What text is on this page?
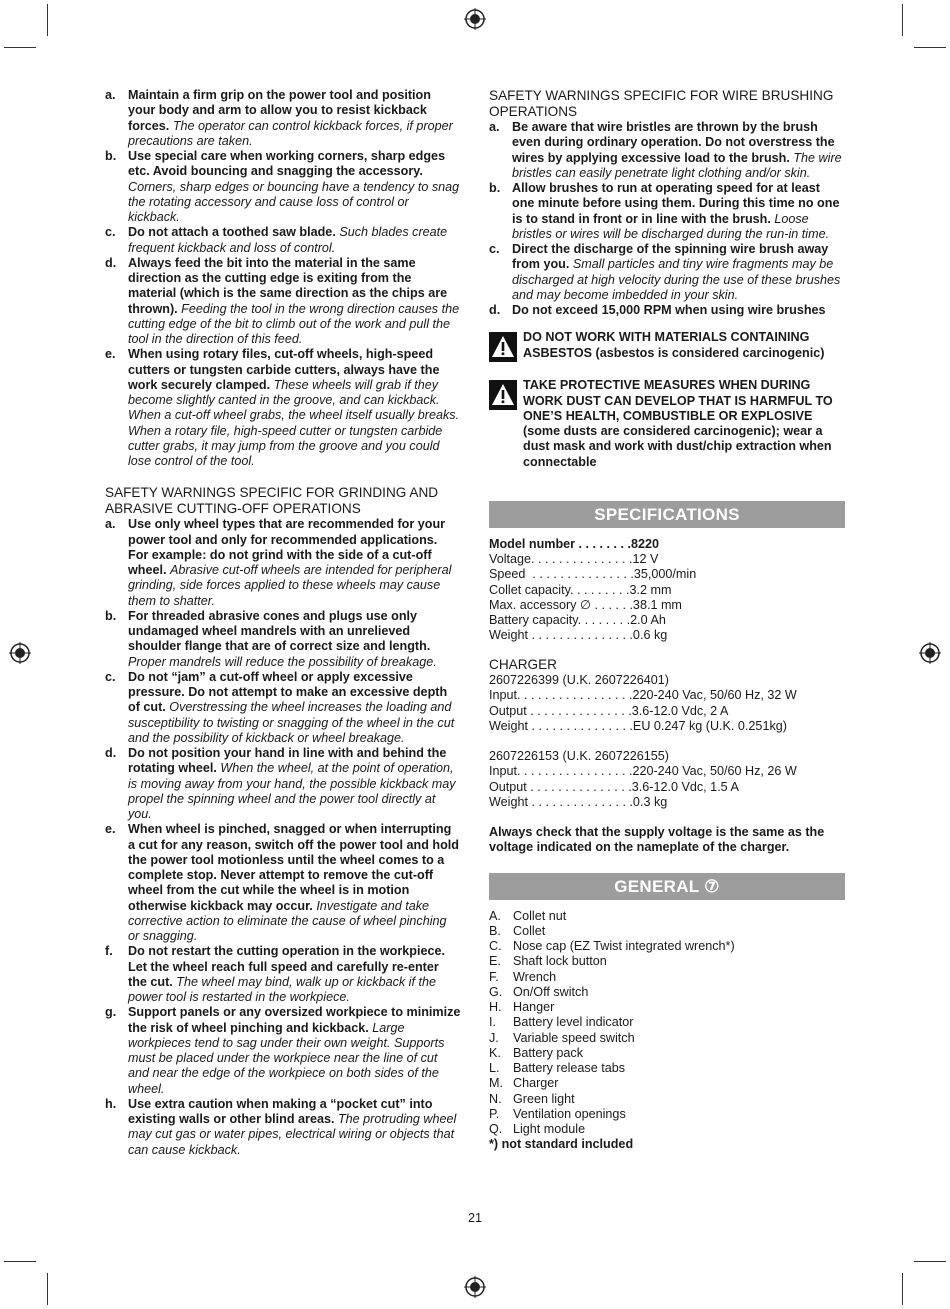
a. Maintain a firm grip on the power tool and position your body and arm to allow you to resist kickback forces. The operator can control kickback forces, if proper precautions are taken.
b. Use special care when working corners, sharp edges etc. Avoid bouncing and snagging the accessory. Corners, sharp edges or bouncing have a tendency to snag the rotating accessory and cause loss of control or kickback.
c. Do not attach a toothed saw blade. Such blades create frequent kickback and loss of control.
d. Always feed the bit into the material in the same direction as the cutting edge is exiting from the material (which is the same direction as the chips are thrown). Feeding the tool in the wrong direction causes the cutting edge of the bit to climb out of the work and pull the tool in the direction of this feed.
e. When using rotary files, cut-off wheels, high-speed cutters or tungsten carbide cutters, always have the work securely clamped. These wheels will grab if they become slightly canted in the groove, and can kickback. When a cut-off wheel grabs, the wheel itself usually breaks. When a rotary file, high-speed cutter or tungsten carbide cutter grabs, it may jump from the groove and you could lose control of the tool.
SAFETY WARNINGS SPECIFIC FOR GRINDING AND ABRASIVE CUTTING-OFF OPERATIONS
a. Use only wheel types that are recommended for your power tool and only for recommended applications. For example: do not grind with the side of a cut-off wheel. Abrasive cut-off wheels are intended for peripheral grinding, side forces applied to these wheels may cause them to shatter.
b. For threaded abrasive cones and plugs use only undamaged wheel mandrels with an unrelieved shoulder flange that are of correct size and length. Proper mandrels will reduce the possibility of breakage.
c. Do not “jam” a cut-off wheel or apply excessive pressure. Do not attempt to make an excessive depth of cut. Overstressing the wheel increases the loading and susceptibility to twisting or snagging of the wheel in the cut and the possibility of kickback or wheel breakage.
d. Do not position your hand in line with and behind the rotating wheel. When the wheel, at the point of operation, is moving away from your hand, the possible kickback may propel the spinning wheel and the power tool directly at you.
e. When wheel is pinched, snagged or when interrupting a cut for any reason, switch off the power tool and hold the power tool motionless until the wheel comes to a complete stop. Never attempt to remove the cut-off wheel from the cut while the wheel is in motion otherwise kickback may occur. Investigate and take corrective action to eliminate the cause of wheel pinching or snagging.
f.	Do not restart the cutting operation in the workpiece. Let the wheel reach full speed and carefully re-enter the cut. The wheel may bind, walk up or kickback if the power tool is restarted in the workpiece.
g. Support panels or any oversized workpiece to minimize the risk of wheel pinching and kickback. Large workpieces tend to sag under their own weight. Supports must be placed under the workpiece near the line of cut and near the edge of the workpiece on both sides of the wheel.
h. Use extra caution when making a “pocket cut” into existing walls or other blind areas. The protruding wheel may cut gas or water pipes, electrical wiring or objects that can cause kickback.
SAFETY WARNINGS SPECIFIC FOR WIRE BRUSHING OPERATIONS
a. Be aware that wire bristles are thrown by the brush even during ordinary operation. Do not overstress the wires by applying excessive load to the brush. The wire bristles can easily penetrate light clothing and/or skin.
b. Allow brushes to run at operating speed for at least one minute before using them. During this time no one is to stand in front or in line with the brush. Loose bristles or wires will be discharged during the run-in time.
c. Direct the discharge of the spinning wire brush away from you. Small particles and tiny wire fragments may be discharged at high velocity during the use of these brushes and may become imbedded in your skin.
d. Do not exceed 15,000 RPM when using wire brushes
DO NOT WORK WITH MATERIALS CONTAINING ASBESTOS (asbestos is considered carcinogenic)
TAKE PROTECTIVE MEASURES WHEN DURING WORK DUST CAN DEVELOP THAT IS HARMFUL TO ONE’S HEALTH, COMBUSTIBLE OR EXPLOSIVE (some dusts are considered carcinogenic); wear a dust mask and work with dust/chip extraction when connectable
SPECIFICATIONS
Model number . . . . . . . .8220
Voltage. . . . . . . . . . . . . . .12 V
Speed  . . . . . . . . . . . . . . .35,000/min
Collet capacity. . . . . . . . .3.2 mm
Max. accessory ∅ . . . . . .38.1 mm
Battery capacity. . . . . . . .2.0 Ah
Weight . . . . . . . . . . . . . . .0.6 kg
CHARGER
2607226399 (U.K. 2607226401)
Input. . . . . . . . . . . . . . . . .220-240 Vac, 50/60 Hz, 32 W
Output . . . . . . . . . . . . . . .3.6-12.0 Vdc, 2 A
Weight . . . . . . . . . . . . . . .EU 0.247 kg (U.K. 0.251kg)
2607226153 (U.K. 2607226155)
Input. . . . . . . . . . . . . . . . .220-240 Vac, 50/60 Hz, 26 W
Output . . . . . . . . . . . . . . .3.6-12.0 Vdc, 1.5 A
Weight . . . . . . . . . . . . . . .0.3 kg
Always check that the supply voltage is the same as the voltage indicated on the nameplate of the charger.
GENERAL ⑦
A. Collet nut
B. Collet
C. Nose cap (EZ Twist integrated wrench*)
E. Shaft lock button
F.	Wrench
G. On/Off switch
H. Hanger
I.	Battery level indicator
J.	Variable speed switch
K. Battery pack
L.	Battery release tabs
M. Charger
N. Green light
P.	Ventilation openings
Q. Light module
*) not standard included
21
